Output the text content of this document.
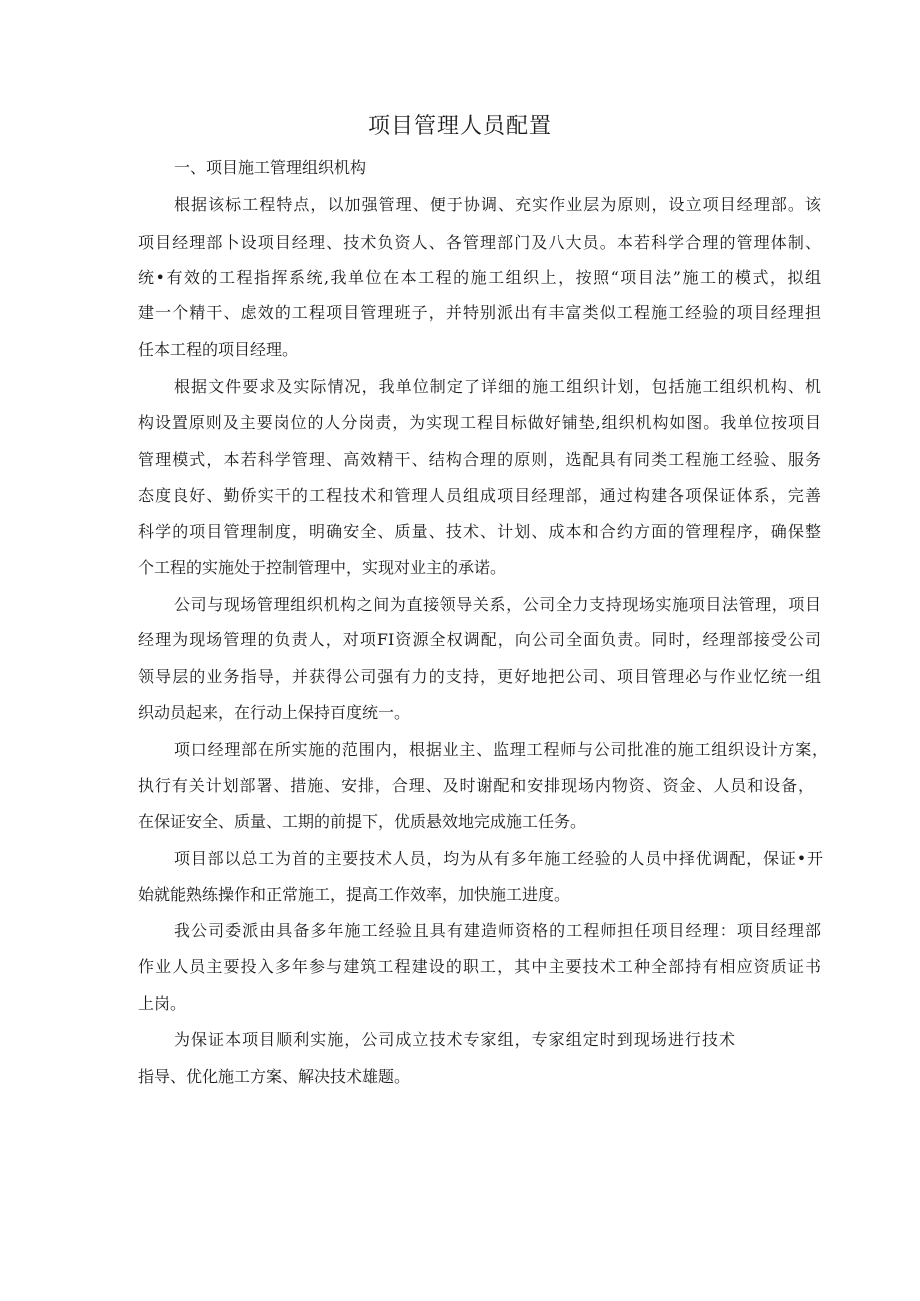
项目管理人员配置
一、项目施工管理组织机构

根据该标工程特点，以加强管理、便于协调、充实作业层为原则，设立项目经理部。该

项目经理部卜设项目经理、技术负资人、各管理部门及八大员。本若科学合理的管理体制、

统•有效的工程指挥系统,我单位在本工程的施工组织上，按照“项目法”施工的模式，拟组

建一个精干、虑效的工程项目管理班子，并特别派出有丰富类似工程施工经验的项目经理担

任本工程的项目经理。

根据文件要求及实际情况，我单位制定了详细的施工组织计划，包括施工组织机构、机

构设置原则及主要岗位的人分岗责，为实现工程目标做好铺垫,组织机构如图。我单位按项目

管理模式，本若科学管理、高效精干、结构合理的原则，选配具有同类工程施工经验、服务

态度良好、勤侨实干的工程技术和管理人员组成项目经理部，通过构建各项保证体系，完善

科学的项目管理制度，明确安全、质量、技术、计划、成本和合约方面的管理程序，确保整

个工程的实施处于控制管理中，实现对业主的承诺。

公司与现场管理组织机构之间为直接领导关系，公司全力支持现场实施项目法管理，项目

经理为现场管理的负责人，对项FI资源全权调配，向公司全面负责。同时，经理部接受公司

领导层的业务指导，并获得公司强有力的支持，更好地把公司、项目管理必与作业忆统一组

织动员起来，在行动上保持百度统一。

项口经理部在所实施的范围内，根据业主、监理工程师与公司批准的施工组织设计方案，

执行有关计划部署、措施、安排，合理、及时谢配和安排现场内物资、资金、人员和设备，

在保证安全、质量、工期的前提下，优质悬效地完成施工任务。

项目部以总工为首的主要技术人员，均为从有多年施工经验的人员中择优调配，保证•开

始就能熟练操作和正常施工，提高工作效率，加快施工进度。

我公司委派由具备多年施工经验且具有建造师资格的工程师担任项目经理：项目经理部

作业人员主要投入多年参与建筑工程建设的职工，其中主要技术工种全部持有相应资质证书

上岗。

为保证本项目顺利实施，公司成立技术专家组，专家组定时到现场进行技术

指导、优化施工方案、解决技术雄题。
